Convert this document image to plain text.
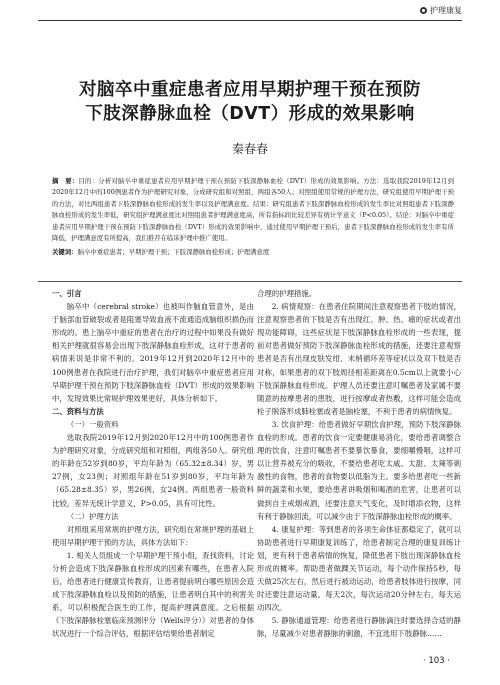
护理康复
对脑卒中重症患者应用早期护理干预在预防
下肢深静脉血栓（DVT）形成的效果影响
秦春春
摘　要：目的：分析对脑卒中重症患者应用早期护理干预在预防下肢深静脉血栓（DVT）形成的效果影响。方法：选取我院2019年12月到2020年12月中的100例患者作为护理研究对象，分成研究组和对照组，两组各50人；对照组使用常规的护理方法，研究组使用早期护理干预的方法，对比两组患者下肢深静脉血栓形成的发生率以及护理满意度。结果：研究组患者下肢深静脉血栓形成的发生率比对照组患者下肢深静脉血栓形成的发生率低，研究组护理满意度比对照组患者护理满意度高，所有指标间比较差异有统计学意义（P<0.05）。结论：对脑卒中重症患者应用早期护理干预在预防下肢深静脉血栓（DVT）形成的效果影响中，通过使用早期护理干预后，患者下肢深静脉血栓形成的发生率有所降低，护理满意度有所提高，我们推荐在临床护理中推广使用。
关键词：脑卒中重症患者；早期护理干预；下肢深静脉血栓形成；护理满意度

一、引言

脑卒中（cerebral stroke）也被叫作脑血管意外，是由于脑部血管破裂或者是阻塞导致血液不流通造成脑组织损伤而形成的。患上脑卒中重症的患者在治疗的过程中如果没有做好相关护理就很容易会出现下肢深静脉血栓形成，这对于患者的病情来说是非常不利的。2019年12月到2020年12月中的100例患者在我院进行治疗护理，我们对脑卒中重症患者应用早期护理干预在预防下肢深静脉血栓（DVT）形成的效果影响中，发现效果比常规护理效果更好，具体分析如下。

二、资料与方法

（一）一般资料

选取我院2019年12月到2020年12月中的100例患者作为护理研究对象，分成研究组和对照组，两组各50人。研究组的年龄在52岁到80岁，平均年龄为（65.32±8.34）岁，男27例，女23例；对照组年龄在51岁到80岁，平均年龄为（65.28±8.35）岁，男26例，女24例。两组患者一般资料比较，差异无统计学意义，P>0.05，具有可比性。

（二）护理方法

对照组采用常规的护理方法，研究组在常规护理的基础上使用早期护理干预的方法，具体方法如下：

1. 相关人员组成一个早期护理干预小组，查找资料，讨论分析会造成下肢深静脉血栓形成的因素有哪些，在患者入院后，给患者进行健康宣传教育，让患者提前明白哪些原因会造成下肢深静脉血栓以及预防的措施，让患者明白其中的利害关系，可以积极配合医生的工作，提高护理满意度。之后根据《下肢深静脉栓塞临床预测评分（Wells评分）》对患者的身体状况进行一个综合评估，根据评估结果给患者制定

合理的护理措施。

2. 病情观察：在患者住院期间注意观察患者下肢的情况，注意观察患者的下肢是否有出现红、肿、热、痛的症状或者出现功能障碍，这些症状是下肢深静脉血栓形成的一些表现，提前对患者做好预防下肢深静脉血栓形成的措施，还要注意观察患者是否有出现皮肤发绀、末梢循环差等症状以及双下肢是否对称，如果患者的双下肢周径相差距离在0.5cm以上就要小心下肢深静脉血栓形成。护理人员还要注意叮嘱患者及家属不要随意的按摩患者的患肢，进行按摩或者热敷，这样可能会造成栓子脱落形成肺栓塞或者是脑栓塞，不利于患者的病情恢复。

3. 饮食护理：给患者做好早期饮食护理，预防下肢深静脉血栓的形成。患者的饮食一定要健康易消化，要给患者调整合理的饮食，注意叮嘱患者不要暴饮暴食，要细嚼慢咽，这样可以让营养被充分的吸收，不要给患者吃太咸、太甜、太辣等刺激性的食物，患者的食物要以低脂为主。要多给患者吃一些新鲜的蔬菜和水果，要给患者讲吸烟和喝酒的危害，让患者可以做到自主戒烟戒酒，还要注意天气变化，及时增添衣物，这样有利于静脉回流，可以减少由于下肢深静脉血栓形成的概率。

4. 康复护理：等到患者的各项生命体征都稳定了，就可以协助患者进行早期康复训练了，给患者制定合理的康复训练计划，更有利于患者病情的恢复，降低患者下肢出现深静脉血栓形成的概率。帮助患者做踝关节运动，每个动作保持5秒，每天做25次左右，然后进行被动运动，给患者肢体进行按摩，同时还要注意运动量，每天2次，每次运动20分钟左右，每天运动四次。

5. 静脉通道管理：给患者进行静脉滴注时要选择合适的静脉，尽量减少对患者静脉的刺激，不宜选用下肢静脉……

· 103 ·
